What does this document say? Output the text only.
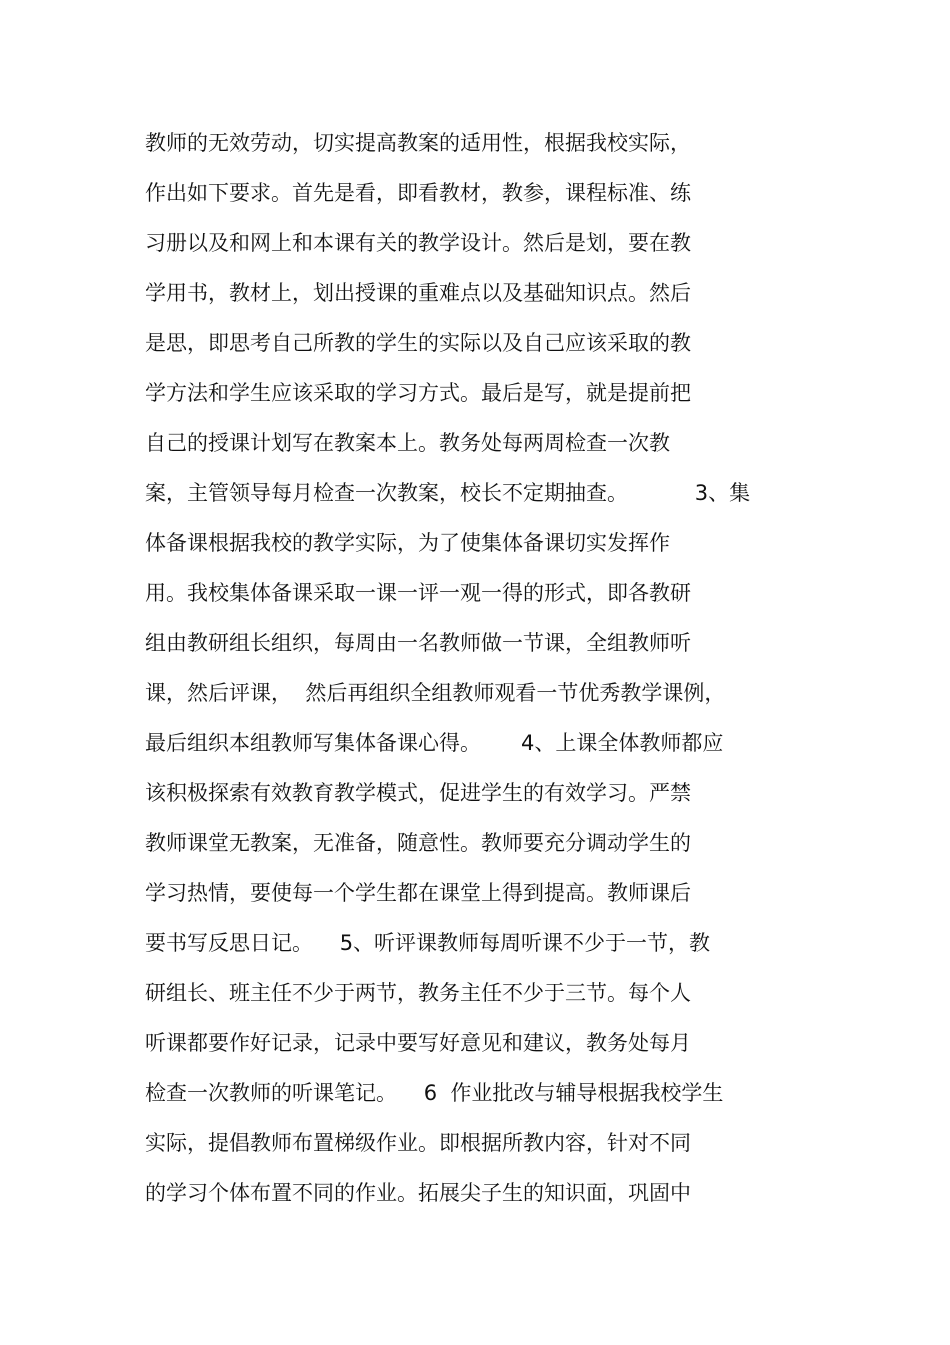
教师的无效劳动，切实提高教案的适用性，根据我校实际，
作出如下要求。首先是看，即看教材，教参，课程标准、练
习册以及和网上和本课有关的教学设计。然后是划，要在教
学用书，教材上，划出授课的重难点以及基础知识点。然后
是思，即思考自己所教的学生的实际以及自己应该采取的教
学方法和学生应该采取的学习方式。最后是写，就是提前把
自己的授课计划写在教案本上。教务处每两周检查一次教
案，主管领导每月检查一次教案，校长不定期抽查。          3、集
体备课根据我校的教学实际，为了使集体备课切实发挥作
用。我校集体备课采取一课一评一观一得的形式，即各教研
组由教研组长组织，每周由一名教师做一节课，全组教师听
课，然后评课，  然后再组织全组教师观看一节优秀教学课例，
最后组织本组教师写集体备课心得。      4、上课全体教师都应
该积极探索有效教育教学模式，促进学生的有效学习。严禁
教师课堂无教案，无准备，随意性。教师要充分调动学生的
学习热情，要使每一个学生都在课堂上得到提高。教师课后
要书写反思日记。    5、听评课教师每周听课不少于一节，教
研组长、班主任不少于两节，教务主任不少于三节。每个人
听课都要作好记录，记录中要写好意见和建议，教务处每月
检查一次教师的听课笔记。    6  作业批改与辅导根据我校学生
实际，提倡教师布置梯级作业。即根据所教内容，针对不同
的学习个体布置不同的作业。拓展尖子生的知识面，巩固中
